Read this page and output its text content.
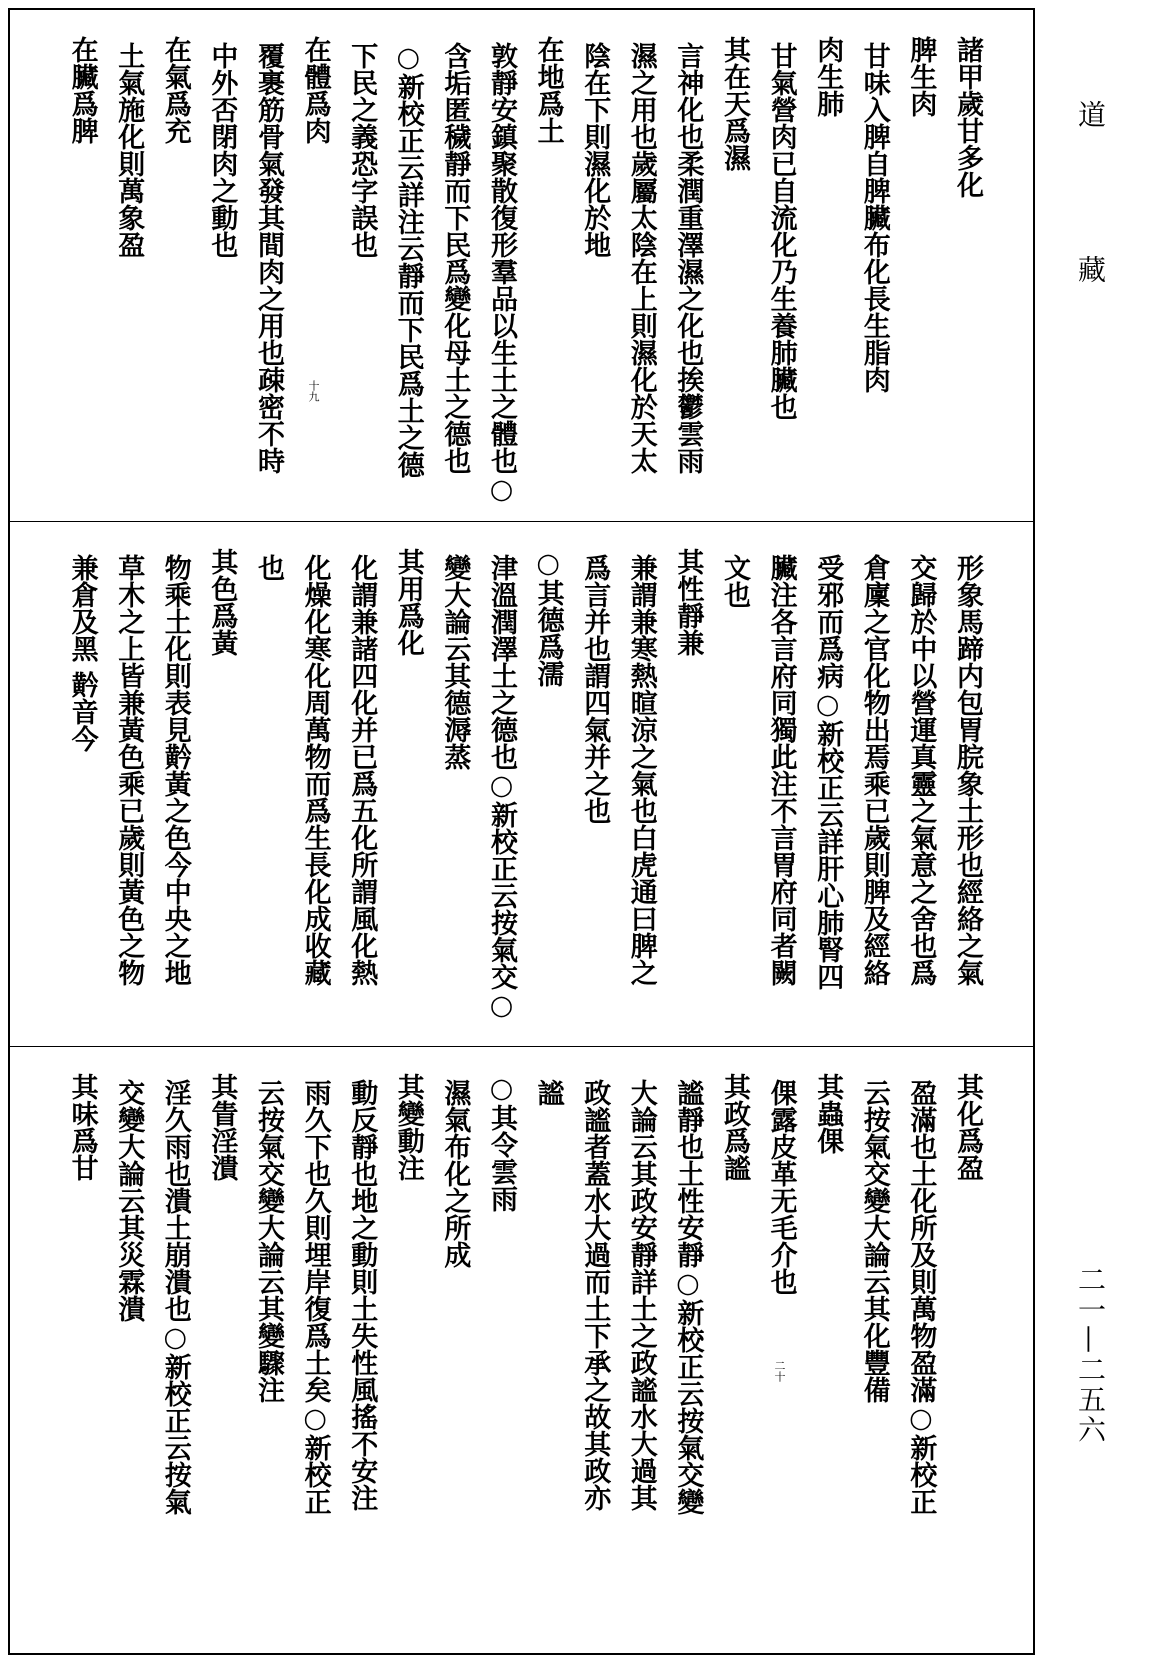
諸甲歲甘多化
脾生肉
甘味入脾自脾臟布化長生脂肉
肉生肺
甘氣營肉已自流化乃生養肺臟也
其在天爲濕
言神化也柔潤重澤濕之化也挨鬱雲雨
濕之用也歲屬太陰在上則濕化於天太
陰在下則濕化於地
在地爲土
敦靜安鎮聚散復形羣品以生土之體也○
含垢匿穢靜而下民爲變化母土之德也
○新校正云詳注云靜而下民爲土之德
下民之義恐字誤也
在體爲肉
覆裹筋骨氣發其間肉之用也疎密不時
中外否閉肉之動也
在氣爲充
土氣施化則萬象盈
在臟爲脾
形象馬蹄内包胃脘象土形也經絡之氣
交歸於中以營運真靈之氣意之舍也爲
倉廩之官化物出焉乘已歲則脾及經絡
受邪而爲病○新校正云詳肝心肺腎四
臟注各言府同獨此注不言胃府同者闕
文也
其性靜兼
兼謂兼寒熱暄涼之氣也白虎通曰脾之
爲言并也謂四氣并之也
○其德爲濡
津溫潤澤土之德也○新校正云按氣交○
變大論云其德溽蒸
其用爲化
化謂兼諸四化并已爲五化所謂風化熱
化燥化寒化周萬物而爲生長化成收藏
也
其色爲黃
物乘土化則表見黅黃之色今中央之地
草木之上皆兼黃色乘已歲則黃色之物
兼倉及黑 黅音今
其化爲盈
盈滿也土化所及則萬物盈滿○新校正
云按氣交變大論云其化豐備
其蟲倮
倮露皮革无毛介也
其政爲謐
謐靜也土性安靜○新校正云按氣交變
大論云其政安靜詳土之政謐水大過其
政謐者蓋水大過而土下承之故其政亦
謐
○其令雲雨
濕氣布化之所成
其變動注
動反靜也地之動則土失性風搖不安注
雨久下也久則埋岸復爲土矣○新校正
云按氣交變大論云其變驟注
其眚淫潰
淫久雨也潰土崩潰也○新校正云按氣
交變大論云其災霖潰
其味爲甘
道
藏
二一—二五六
十九
二十
